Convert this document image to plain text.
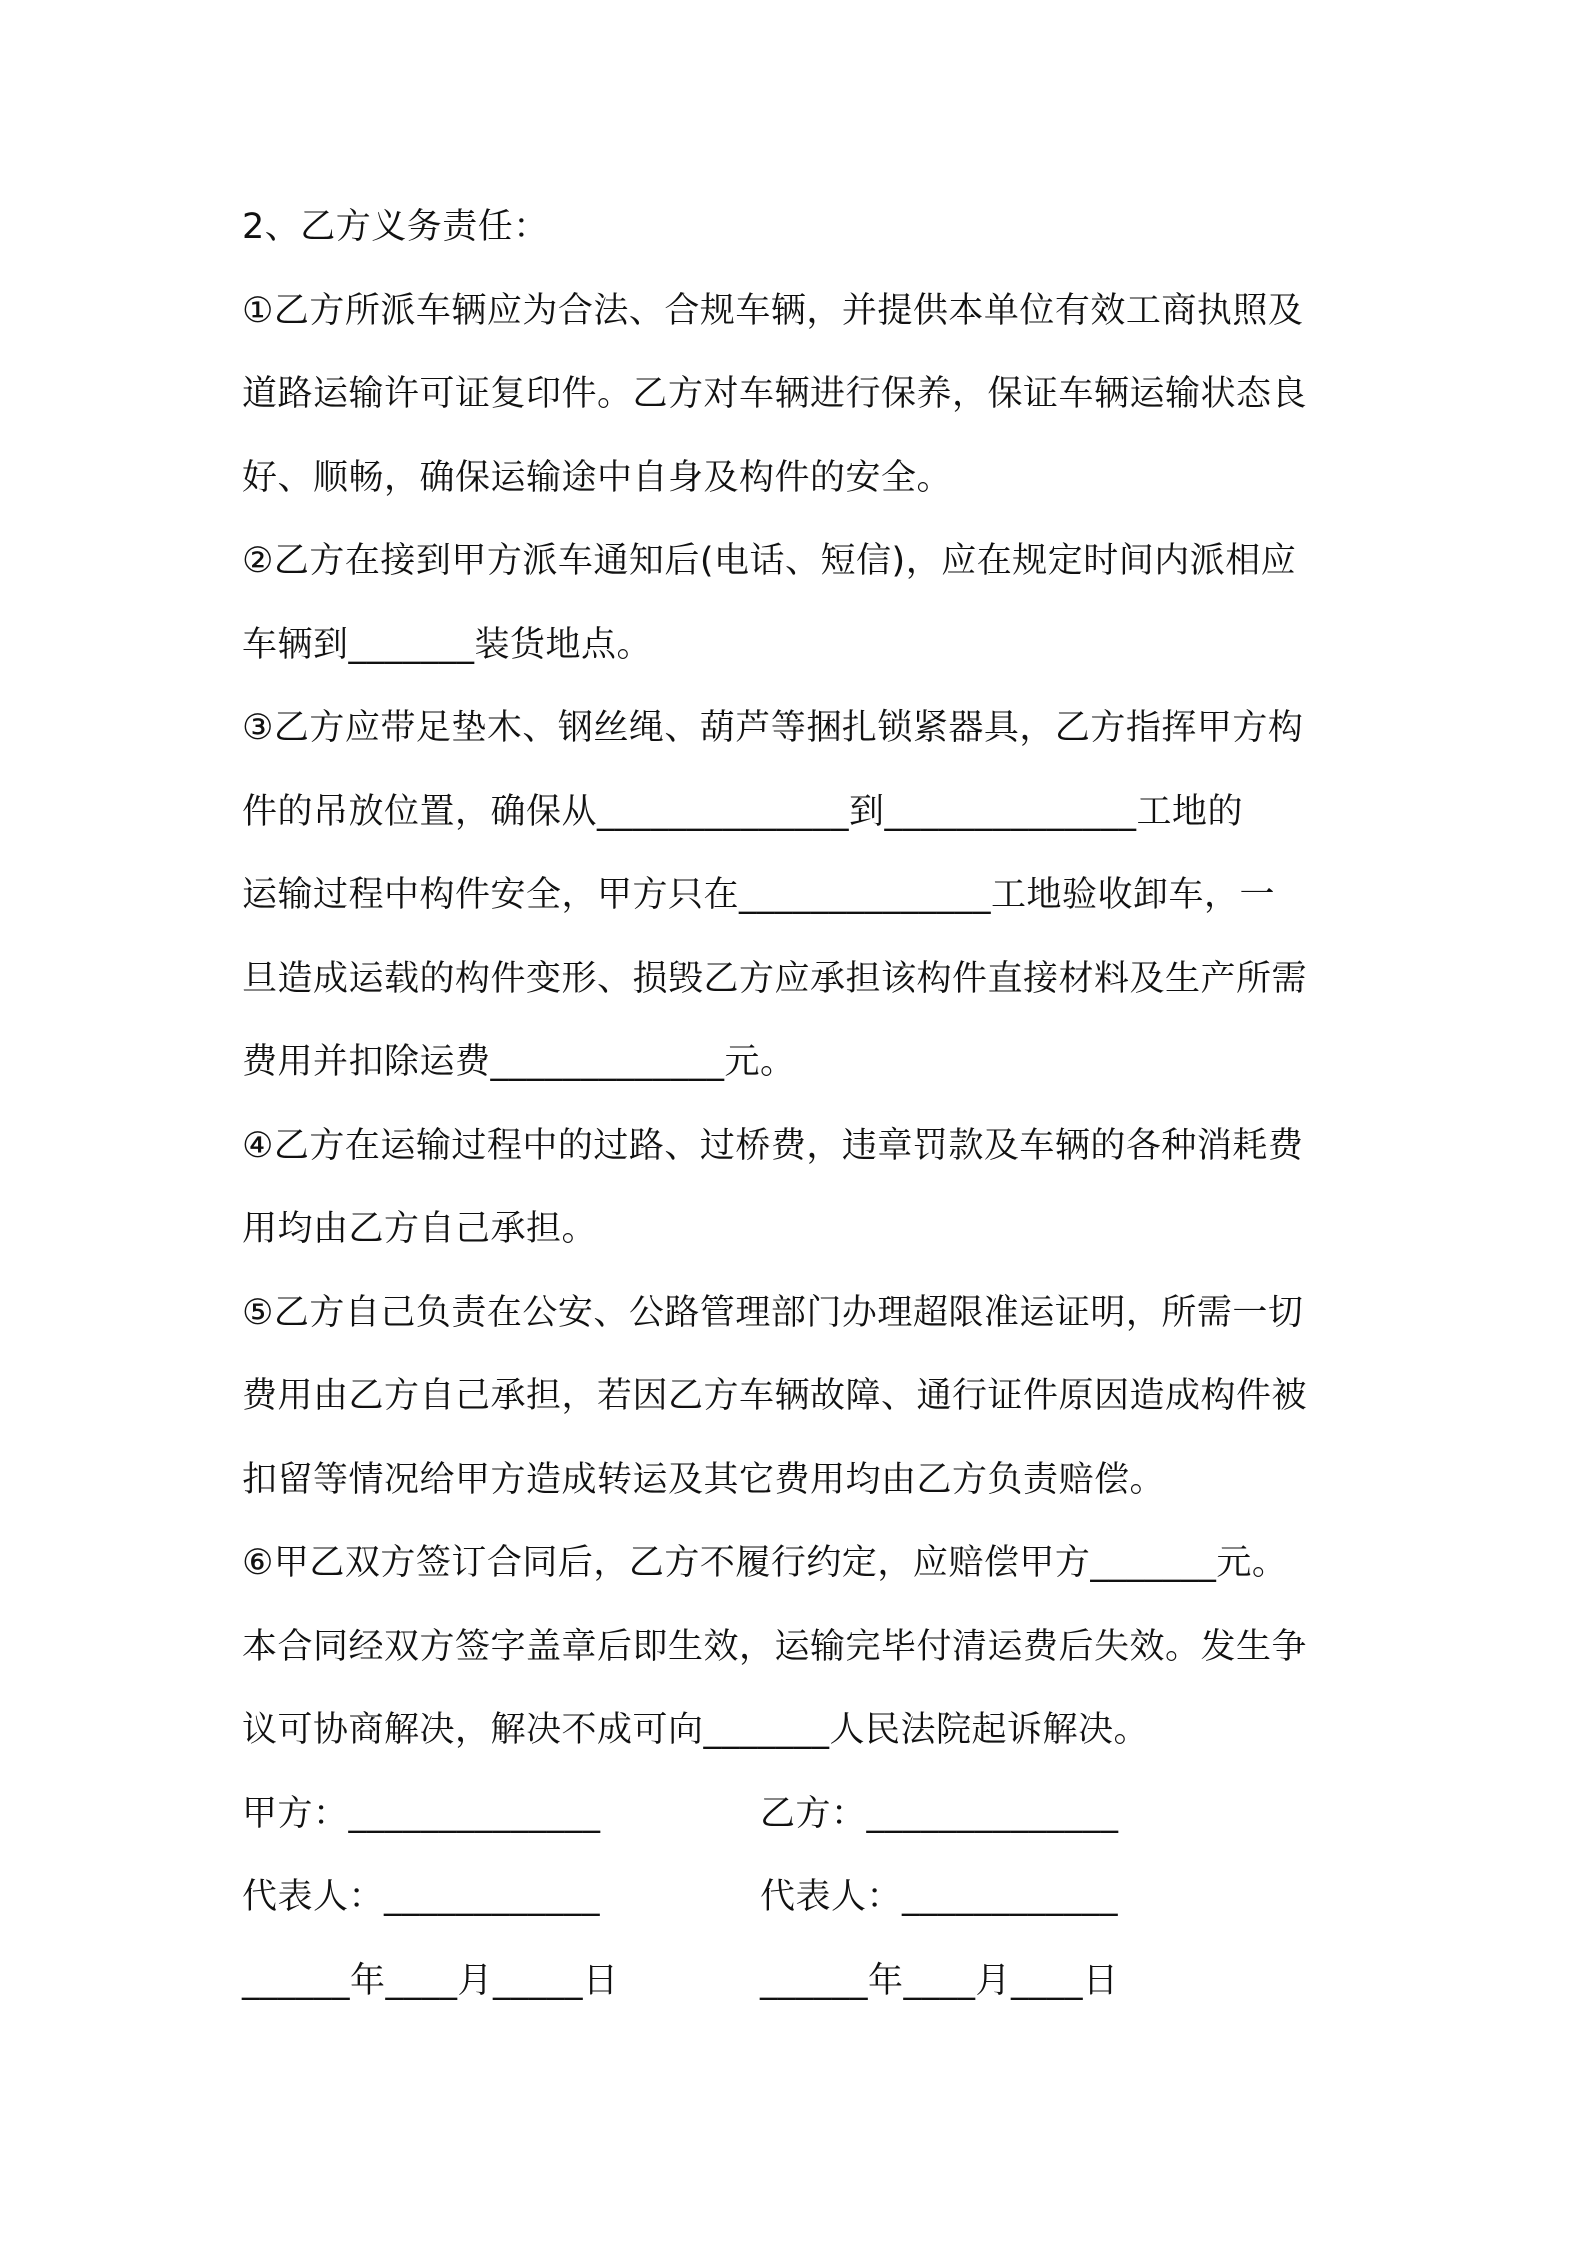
2、乙方义务责任：
①乙方所派车辆应为合法、合规车辆，并提供本单位有效工商执照及
道路运输许可证复印件。乙方对车辆进行保养，保证车辆运输状态良
好、顺畅，确保运输途中自身及构件的安全。
②乙方在接到甲方派车通知后(电话、短信)，应在规定时间内派相应
车辆到_______装货地点。
③乙方应带足垫木、钢丝绳、葫芦等捆扎锁紧器具，乙方指挥甲方构
件的吊放位置，确保从______________到______________工地的
运输过程中构件安全，甲方只在______________工地验收卸车，一
旦造成运载的构件变形、损毁乙方应承担该构件直接材料及生产所需
费用并扣除运费_____________元。
④乙方在运输过程中的过路、过桥费，违章罚款及车辆的各种消耗费
用均由乙方自己承担。
⑤乙方自己负责在公安、公路管理部门办理超限准运证明，所需一切
费用由乙方自己承担，若因乙方车辆故障、通行证件原因造成构件被
扣留等情况给甲方造成转运及其它费用均由乙方负责赔偿。
⑥甲乙双方签订合同后，乙方不履行约定，应赔偿甲方_______元。
本合同经双方签字盖章后即生效，运输完毕付清运费后失效。发生争
议可协商解决，解决不成可向_______人民法院起诉解决。
甲方：______________	乙方：______________
代表人：____________	代表人：____________
______年____月_____日	______年____月____日
